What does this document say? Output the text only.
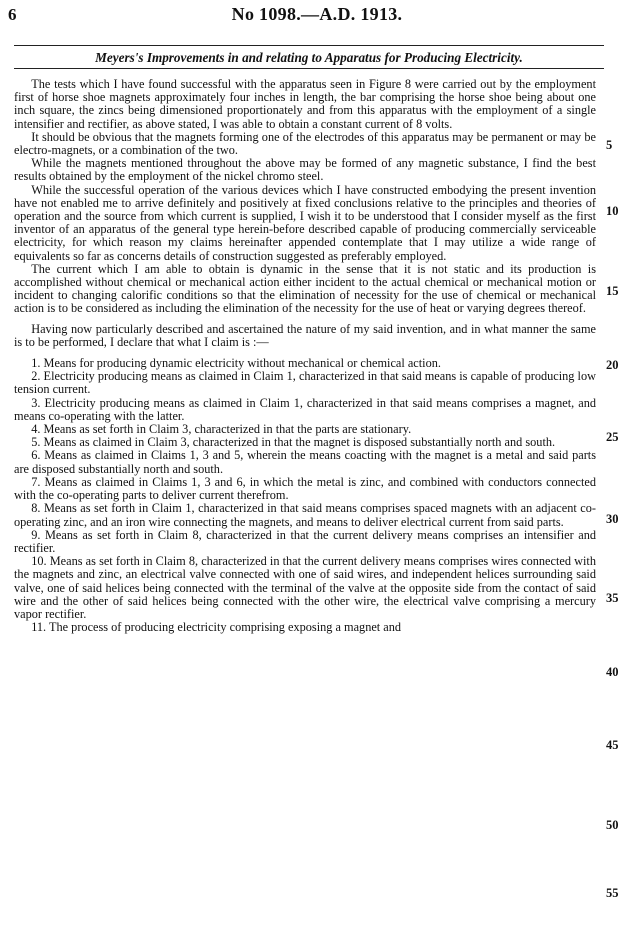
6	No 1098.—A.D. 1913.
Meyers's Improvements in and relating to Apparatus for Producing Electricity.

The tests which I have found successful with the apparatus seen in Figure 8 were carried out by the employment first of horse shoe magnets approximately four inches in length, the bar comprising the horse shoe being about one inch square, the zincs being dimensioned proportionately and from this apparatus with the employment of a single intensifier and rectifier, as above stated, I was able to obtain a constant current of 8 volts.

It should be obvious that the magnets forming one of the electrodes of this apparatus may be permanent or may be electro-magnets, or a combination of the two.

While the magnets mentioned throughout the above may be formed of any magnetic substance, I find the best results obtained by the employment of the nickel chromo steel.

While the successful operation of the various devices which I have constructed embodying the present invention have not enabled me to arrive definitely and positively at fixed conclusions relative to the principles and theories of operation and the source from which current is supplied, I wish it to be understood that I consider myself as the first inventor of an apparatus of the general type herein-before described capable of producing commercially serviceable electricity, for which reason my claims hereinafter appended contemplate that I may utilize a wide range of equivalents so far as concerns details of construction suggested as preferably employed.

The current which I am able to obtain is dynamic in the sense that it is not static and its production is accomplished without chemical or mechanical action either incident to the actual chemical or mechanical motion or incident to changing calorific conditions so that the elimination of necessity for the use of chemical or mechanical action is to be considered as including the elimination of the necessity for the use of heat or varying degrees thereof.

Having now particularly described and ascertained the nature of my said invention, and in what manner the same is to be performed, I declare that what I claim is :—

1. Means for producing dynamic electricity without mechanical or chemical action.

2. Electricity producing means as claimed in Claim 1, characterized in that said means is capable of producing low tension current.

3. Electricity producing means as claimed in Claim 1, characterized in that said means comprises a magnet, and means co-operating with the latter.

4. Means as set forth in Claim 3, characterized in that the parts are stationary.

5. Means as claimed in Claim 3, characterized in that the magnet is disposed substantially north and south.

6. Means as claimed in Claims 1, 3 and 5, wherein the means coacting with the magnet is a metal and said parts are disposed substantially north and south.

7. Means as claimed in Claims 1, 3 and 6, in which the metal is zinc, and combined with conductors connected with the co-operating parts to deliver current therefrom.

8. Means as set forth in Claim 1, characterized in that said means comprises spaced magnets with an adjacent co-operating zinc, and an iron wire connecting the magnets, and means to deliver electrical current from said parts.

9. Means as set forth in Claim 8, characterized in that the current delivery means comprises an intensifier and rectifier.

10. Means as set forth in Claim 8, characterized in that the current delivery means comprises wires connected with the magnets and zinc, an electrical valve connected with one of said wires, and independent helices surrounding said valve, one of said helices being connected with the terminal of the valve at the opposite side from the contact of said wire and the other of said helices being connected with the other wire, the electrical valve comprising a mercury vapor rectifier.

11. The process of producing electricity comprising exposing a magnet and

5
10
15
20
25
30
35
40
45
50
55
